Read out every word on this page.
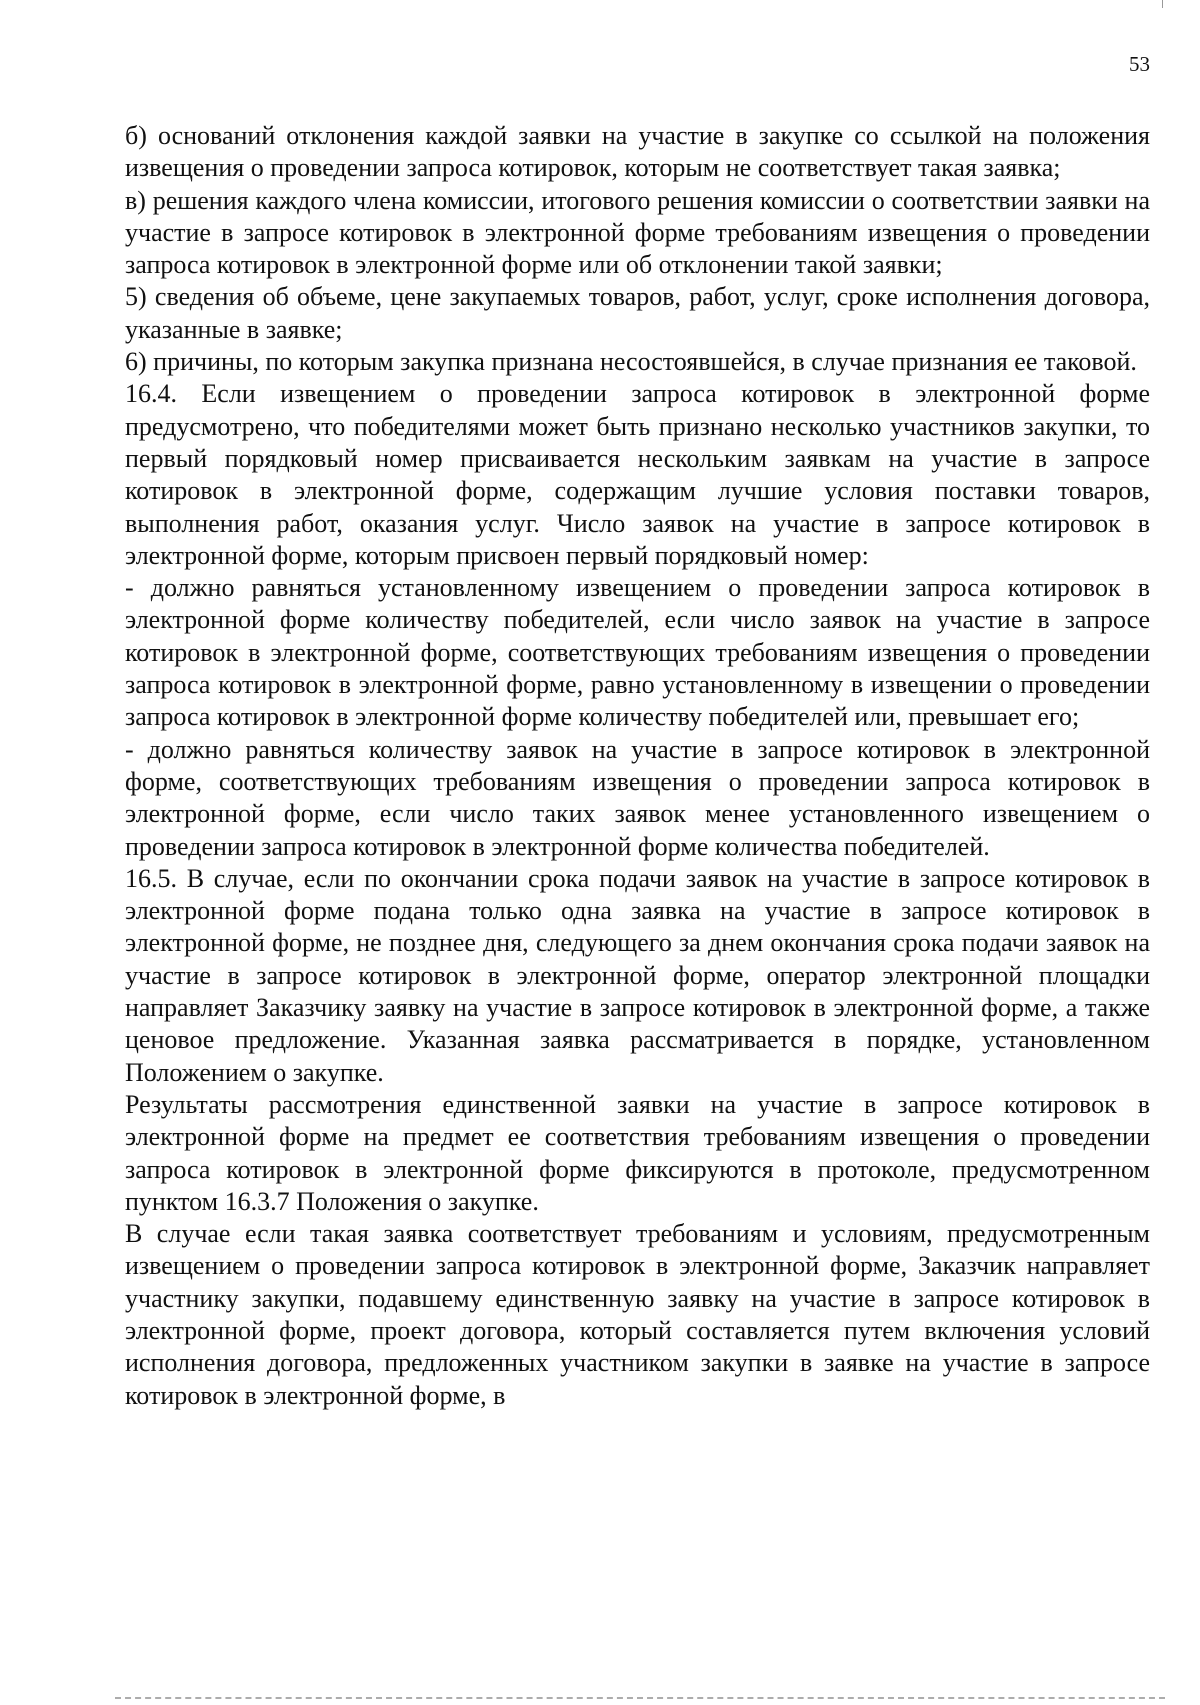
53

б) оснований отклонения каждой заявки на участие в закупке со ссылкой на положения извещения о проведении запроса котировок, которым не соответствует такая заявка;

в) решения каждого члена комиссии, итогового решения комиссии о соответствии заявки на участие в запросе котировок в электронной форме требованиям извещения о проведении запроса котировок в электронной форме или об отклонении такой заявки;

5) сведения об объеме, цене закупаемых товаров, работ, услуг, сроке исполнения договора, указанные в заявке;

6) причины, по которым закупка признана несостоявшейся, в случае признания ее таковой.

16.4. Если извещением о проведении запроса котировок в электронной форме предусмотрено, что победителями может быть признано несколько участников закупки, то первый порядковый номер присваивается нескольким заявкам на участие в запросе котировок в электронной форме, содержащим лучшие условия поставки товаров, выполнения работ, оказания услуг. Число заявок на участие в запросе котировок в электронной форме, которым присвоен первый порядковый номер:

- должно равняться установленному извещением о проведении запроса котировок в электронной форме количеству победителей, если число заявок на участие в запросе котировок в электронной форме, соответствующих требованиям извещения о проведении запроса котировок в электронной форме, равно установленному в извещении о проведении запроса котировок в электронной форме количеству победителей или, превышает его;

- должно равняться количеству заявок на участие в запросе котировок в электронной форме, соответствующих требованиям извещения о проведении запроса котировок в электронной форме, если число таких заявок менее установленного извещением о проведении запроса котировок в электронной форме количества победителей.

16.5. В случае, если по окончании срока подачи заявок на участие в запросе котировок в электронной форме подана только одна заявка на участие в запросе котировок в электронной форме, не позднее дня, следующего за днем окончания срока подачи заявок на участие в запросе котировок в электронной форме, оператор электронной площадки направляет Заказчику заявку на участие в запросе котировок в электронной форме, а также ценовое предложение. Указанная заявка рассматривается в порядке, установленном Положением о закупке.

Результаты рассмотрения единственной заявки на участие в запросе котировок в электронной форме на предмет ее соответствия требованиям извещения о проведении запроса котировок в электронной форме фиксируются в протоколе, предусмотренном пунктом 16.3.7 Положения о закупке.

В случае если такая заявка соответствует требованиям и условиям, предусмотренным извещением о проведении запроса котировок в электронной форме, Заказчик направляет участнику закупки, подавшему единственную заявку на участие в запросе котировок в электронной форме, проект договора, который составляется путем включения условий исполнения договора, предложенных участником закупки в заявке на участие в запросе котировок в электронной форме, в
